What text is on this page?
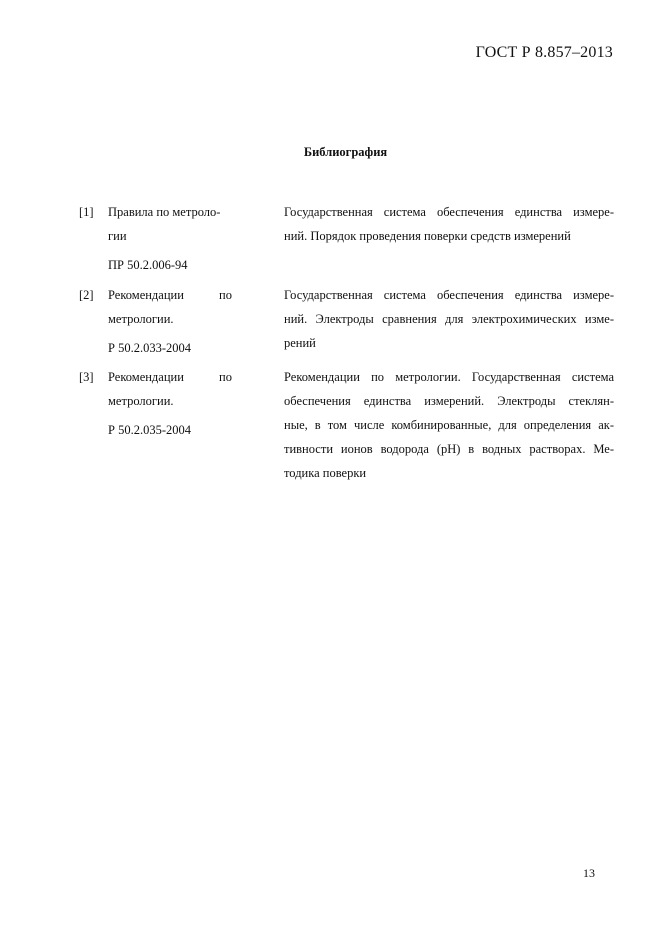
ГОСТ Р 8.857–2013
Библиография
[1] Правила по метроло-
гии
ПР 50.2.006-94
Государственная система обеспечения единства измере-
ний. Порядок проведения поверки средств измерений
[2] Рекомендации по
метрологии.
Р 50.2.033-2004
Государственная система обеспечения единства измере-
ний. Электроды сравнения для электрохимических изме-
рений
[3] Рекомендации по
метрологии.
Р 50.2.035-2004
Рекомендации по метрологии. Государственная система
обеспечения единства измерений. Электроды стеклян-
ные, в том числе комбинированные, для определения ак-
тивности ионов водорода (pH) в водных растворах. Ме-
тодика поверки
13
